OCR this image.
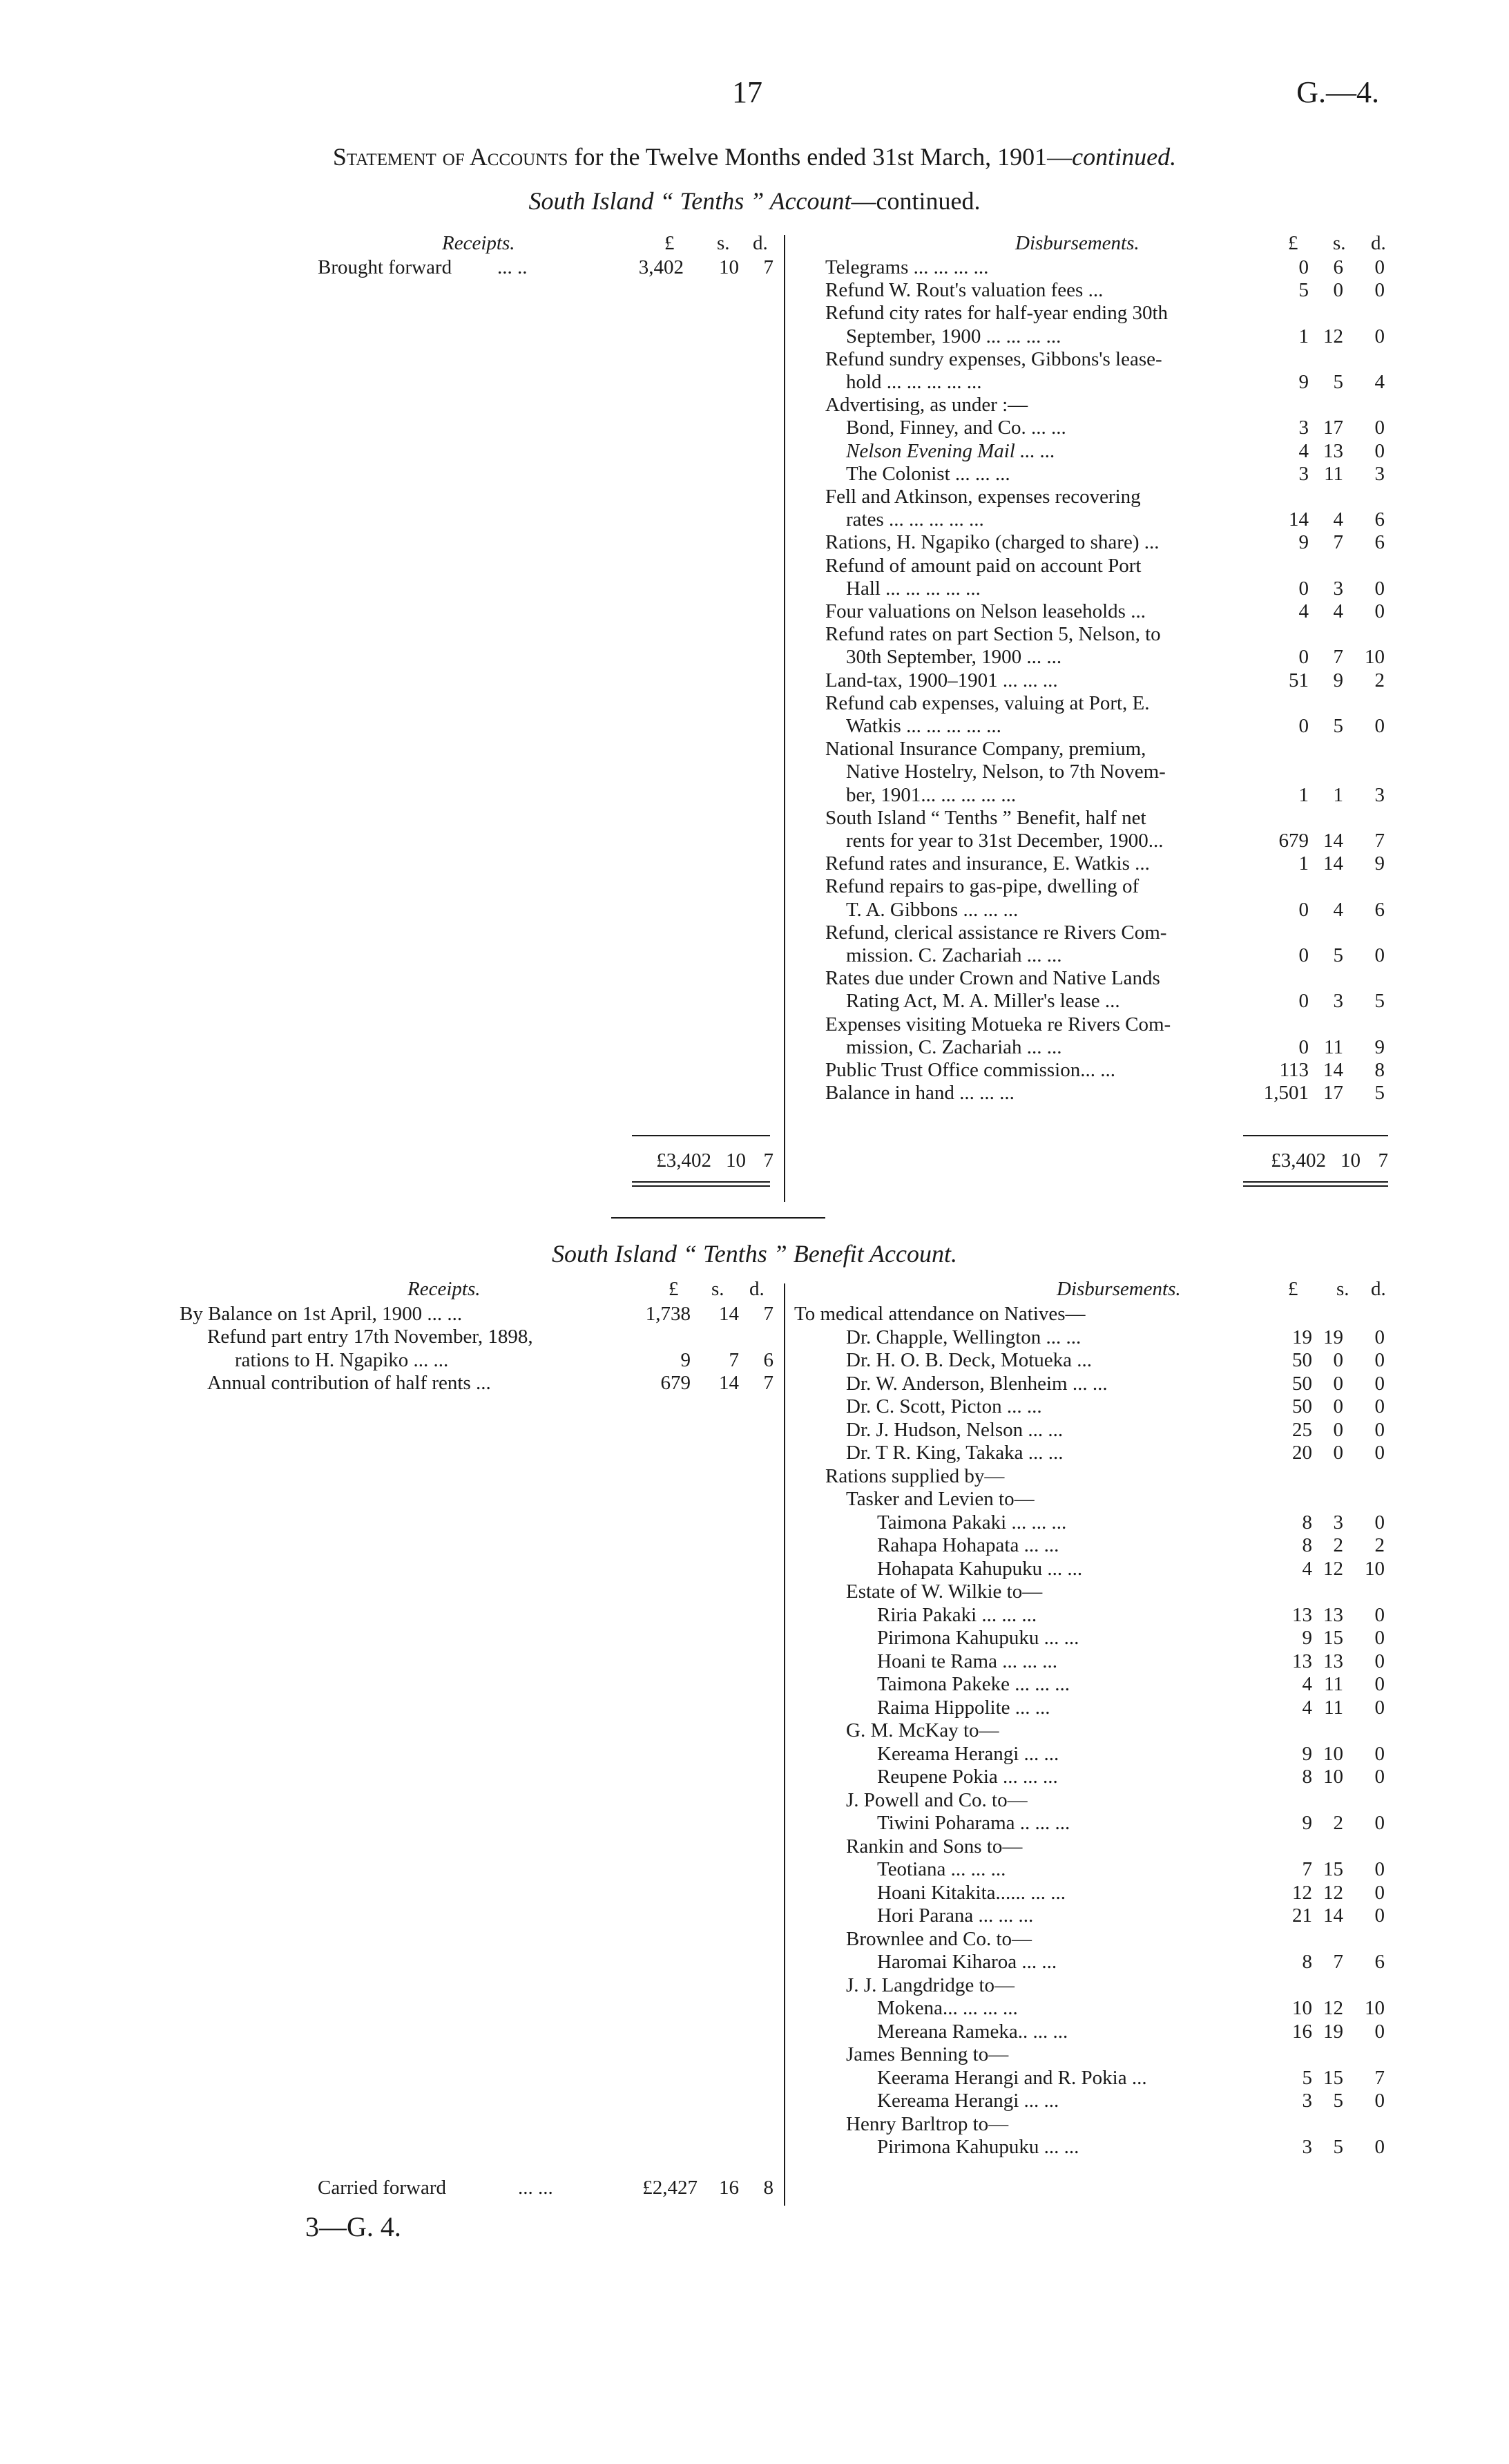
17	G.—4.
Statement of Accounts for the Twelve Months ended 31st March, 1901—continued.
South Island “ Tenths ” Account—continued.
Receipts.	£ s. d.	Disbursements.	£ s. d.
Brought forward ... ..	3,402	10	7	Telegrams ... ... ... ...	0	6	0
Refund W. Rout's valuation fees ...	5	0	0
Refund city rates for half-year ending 30th
September, 1900 ... ... ... ...	1 12	0
Refund sundry expenses, Gibbons's lease-
hold ... ... ... ... ...	9	5	4
Advertising, as under :—
Bond, Finney, and Co. ... ...	3 17	0
Nelson Evening Mail ... ...	4 13	0
The Colonist ... ... ...	3 11	3
Fell and Atkinson, expenses recovering
rates ... ... ... ... ...	14	4	6
Rations, H. Ngapiko (charged to share) ...	9	7	6
Refund of amount paid on account Port
Hall ... ... ... ... ...	0	3	0
Four valuations on Nelson leaseholds ...	4	4	0
Refund rates on part Section 5, Nelson, to
30th September, 1900 ... ...	0	7	10
Land-tax, 1900–1901 ... ... ...	51	9	2
Refund cab expenses, valuing at Port, E.
Watkis ... ... ... ... ...	0	5	0
National Insurance Company, premium,
Native Hostelry, Nelson, to 7th Novem-
ber, 1901... ... ... ... ...	1	1	3
South Island “ Tenths ” Benefit, half net
rents for year to 31st December, 1900...	679 14	7
Refund rates and insurance, E. Watkis ...	1 14	9
Refund repairs to gas-pipe, dwelling of
T. A. Gibbons ... ... ...	0	4	6
Refund, clerical assistance re Rivers Com-
mission. C. Zachariah ... ...	0	5	0
Rates due under Crown and Native Lands
Rating Act, M. A. Miller's lease ...	0	3	5
Expenses visiting Motueka re Rivers Com-
mission, C. Zachariah ... ...	0 11	9
Public Trust Office commission... ...	113 14	8
Balance in hand ... ... ...	1,501 17	5
£3,402 10 7	£3,402 10 7
South Island “ Tenths ” Benefit Account.
Receipts.	£ s. d.	Disbursements.	£ s. d.
By Balance on 1st April, 1900 ... ...	1,738	14	7
Refund part entry 17th November, 1898,
rations to H. Ngapiko ... ...	9	7	6
Annual contribution of half rents ...	679	14	7
To medical attendance on Natives—
Dr. Chapple, Wellington ... ...	19 19	0
Dr. H. O. B. Deck, Motueka ...	50	0	0
Dr. W. Anderson, Blenheim ... ...	50	0	0
Dr. C. Scott, Picton ... ...	50	0	0
Dr. J. Hudson, Nelson ... ...	25	0	0
Dr. T R. King, Takaka ... ...	20	0	0
Rations supplied by—
Tasker and Levien to—
Taimona Pakaki ... ... ...	8	3	0
Rahapa Hohapata ... ...	8	2	2
Hohapata Kahupuku ... ...	4 12	10
Estate of W. Wilkie to—
Riria Pakaki ... ... ...	13 13	0
Pirimona Kahupuku ... ...	9 15	0
Hoani te Rama ... ... ...	13 13	0
Taimona Pakeke ... ... ...	4 11	0
Raima Hippolite ... ...	4 11	0
G. M. McKay to—
Kereama Herangi ... ...	9 10	0
Reupene Pokia ... ... ...	8 10	0
J. Powell and Co. to—
Tiwini Poharama .. ... ...	9	2	0
Rankin and Sons to—
Teotiana ... ... ...	7 15	0
Hoani Kitakita...... ... ...	12 12	0
Hori Parana ... ... ...	21 14	0
Brownlee and Co. to—
Haromai Kiharoa ... ...	8	7	6
J. J. Langdridge to—
Mokena... ... ... ...	10 12	10
Mereana Rameka.. ... ...	16 19	0
James Benning to—
Keerama Herangi and R. Pokia ...	5 15	7
Kereama Herangi ... ...	3	5	0
Henry Barltrop to—
Pirimona Kahupuku ... ...	3	5	0
Carried forward	... ...	£2,427	16	8
3—G. 4.
